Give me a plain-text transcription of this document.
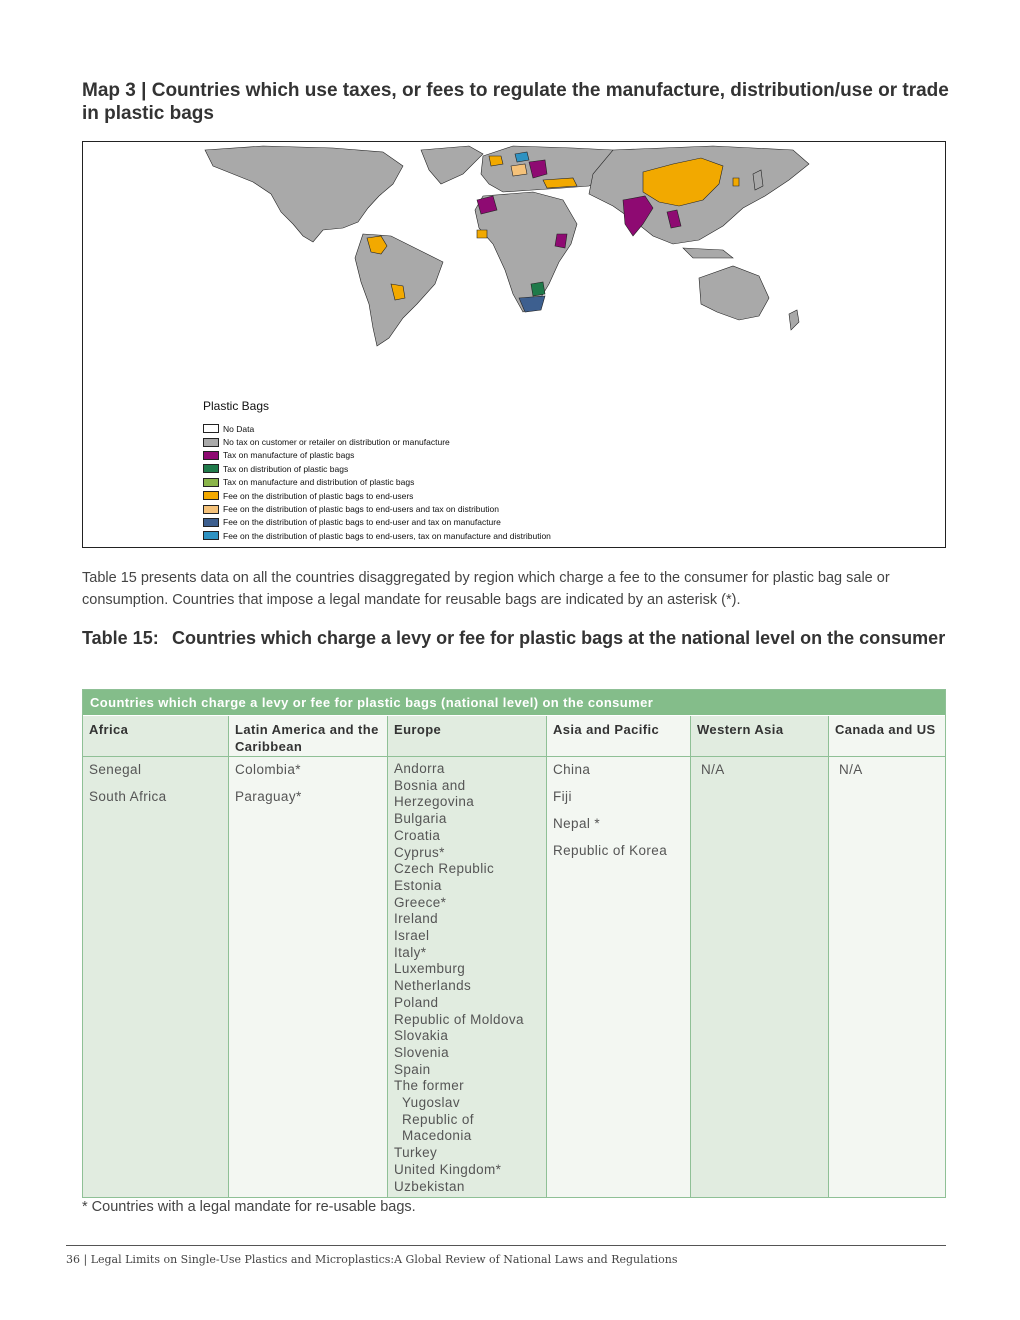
Map 3 | Countries which use taxes, or fees to regulate the manufacture, distribution/use or trade in plastic bags
Plastic Bags
No Data
No tax on customer or retailer on distribution or manufacture
Tax on manufacture of plastic bags
Tax on distribution of plastic bags
Tax on manufacture and distribution of plastic bags
Fee on the distribution of plastic bags to end-users
Fee on the distribution of plastic bags to end-users and tax on distribution
Fee on the distribution of plastic bags to end-user and tax on manufacture
Fee on the distribution of plastic bags to end-users, tax on manufacture and distribution

Table 15 presents data on all the countries disaggregated by region which charge a fee to the consumer for plastic bag sale or consumption. Countries that impose a legal mandate for reusable bags are indicated by an asterisk (*).

Table 15: Countries which charge a levy or fee for plastic bags at the national level on the consumer
Countries which charge a levy or fee for plastic bags (national level) on the consumer
Africa
Senegal
South Africa
Latin America and the Caribbean
Colombia*
Paraguay*
Europe
Andorra
Bosnia and
Herzegovina
Bulgaria
Croatia
Cyprus*
Czech Republic
Estonia
Greece*
Ireland
Israel
Italy*
Luxemburg
Netherlands
Poland
Republic of Moldova
Slovakia
Slovenia
Spain
The former
Yugoslav
Republic of
Macedonia
Turkey
United Kingdom*
Uzbekistan
Asia and Pacific
China
Fiji
Nepal *
Republic of Korea
Western Asia
N/A
Canada and US
N/A
* Countries with a legal mandate for re-usable bags.
36 | Legal Limits on Single-Use Plastics and Microplastics:A Global Review of National Laws and Regulations
